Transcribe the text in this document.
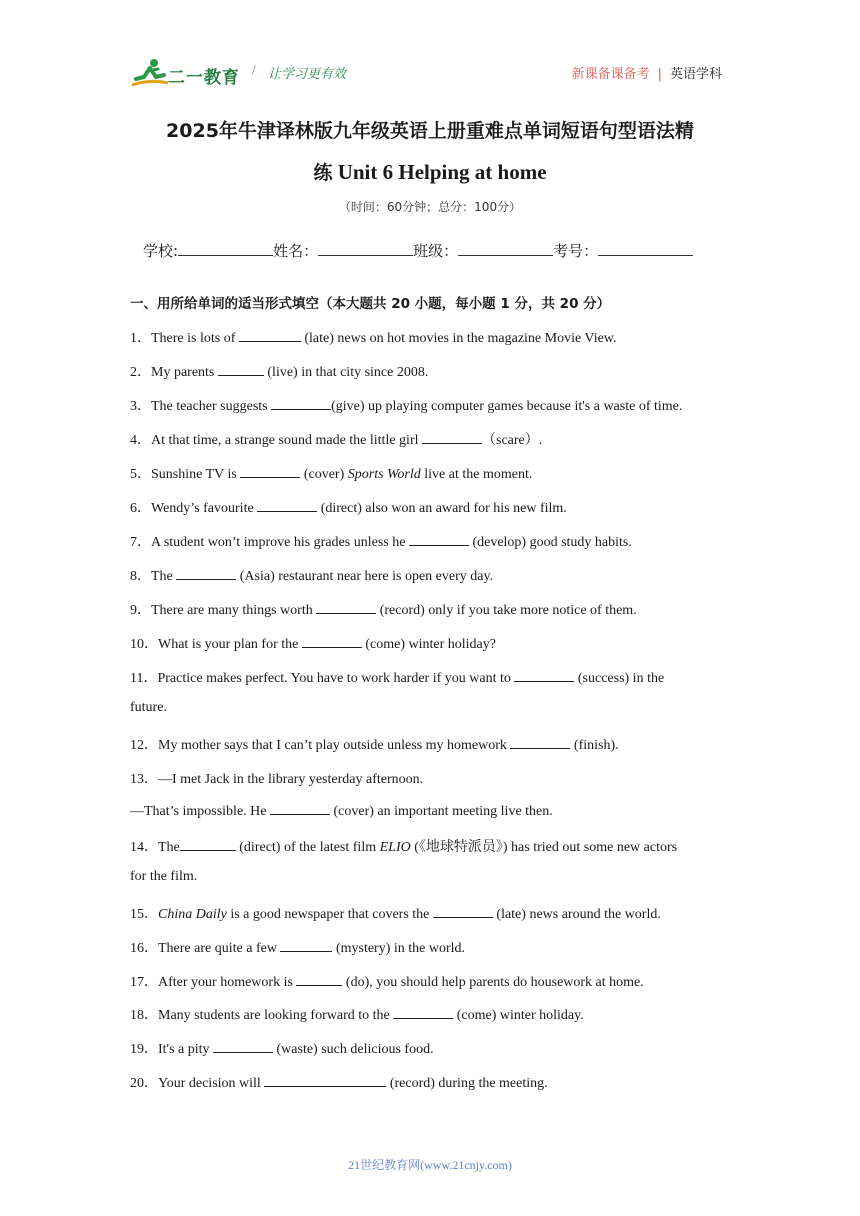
二一教育 / 让学习更有效	新课备课备考 | 英语学科
2025年牛津译林版九年级英语上册重难点单词短语句型语法精
练 Unit 6 Helping at home
（时间：60分钟；总分：100分）
学校:	姓名：	班级：	考号：
一、用所给单词的适当形式填空（本大题共 20 小题，每小题 1 分，共 20 分）
1．There is lots of	(late) news on hot movies in the magazine Movie View.
2．My parents	(live) in that city since 2008.
3．The teacher suggests	(give) up playing computer games because it's a waste of time.
4．At that time, a strange sound made the little girl	（scare）.
5．Sunshine TV is	(cover) Sports World live at the moment.
6．Wendy’s favourite	(direct) also won an award for his new film.
7．A student won’t improve his grades unless he	(develop) good study habits.
8．The	(Asia) restaurant near here is open every day.
9．There are many things worth	(record) only if you take more notice of them.
10．What is your plan for the	(come) winter holiday?
11．Practice makes perfect. You have to work harder if you want to	(success) in the
future.
12．My mother says that I can’t play outside unless my homework	(finish).
13．—I met Jack in the library yesterday afternoon.
—That’s impossible. He	(cover) an important meeting live then.
14．The	(direct) of the latest film ELIO (《地球特派员》) has tried out some new actors
for the film.
15．China Daily is a good newspaper that covers the	(late) news around the world.
16．There are quite a few	(mystery) in the world.
17．After your homework is	(do), you should help parents do housework at home.
18．Many students are looking forward to the	(come) winter holiday.
19．It's a pity	(waste) such delicious food.
20．Your decision will	(record) during the meeting.
21世纪教育网(www.21cnjy.com)
